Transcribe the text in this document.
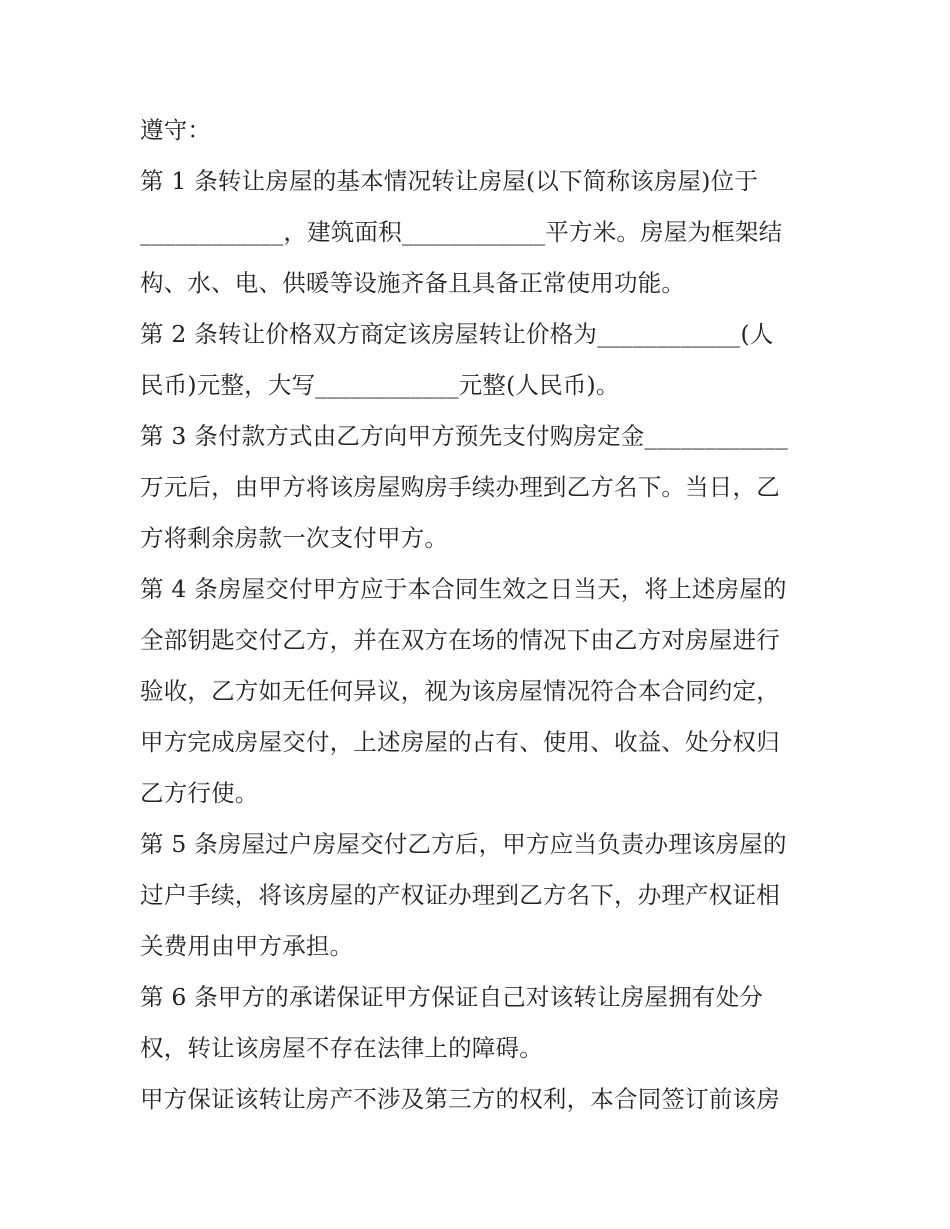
遵守：
第 1 条转让房屋的基本情况转让房屋(以下简称该房屋)位于
____________，建筑面积____________平方米。房屋为框架结
构、水、电、供暖等设施齐备且具备正常使用功能。
第 2 条转让价格双方商定该房屋转让价格为____________(人
民币)元整，大写____________元整(人民币)。
第 3 条付款方式由乙方向甲方预先支付购房定金____________
万元后，由甲方将该房屋购房手续办理到乙方名下。当日，乙
方将剩余房款一次支付甲方。
第 4 条房屋交付甲方应于本合同生效之日当天，将上述房屋的
全部钥匙交付乙方，并在双方在场的情况下由乙方对房屋进行
验收，乙方如无任何异议，视为该房屋情况符合本合同约定，
甲方完成房屋交付，上述房屋的占有、使用、收益、处分权归
乙方行使。
第 5 条房屋过户房屋交付乙方后，甲方应当负责办理该房屋的
过户手续，将该房屋的产权证办理到乙方名下，办理产权证相
关费用由甲方承担。
第 6 条甲方的承诺保证甲方保证自己对该转让房屋拥有处分
权，转让该房屋不存在法律上的障碍。
甲方保证该转让房产不涉及第三方的权利，本合同签订前该房
